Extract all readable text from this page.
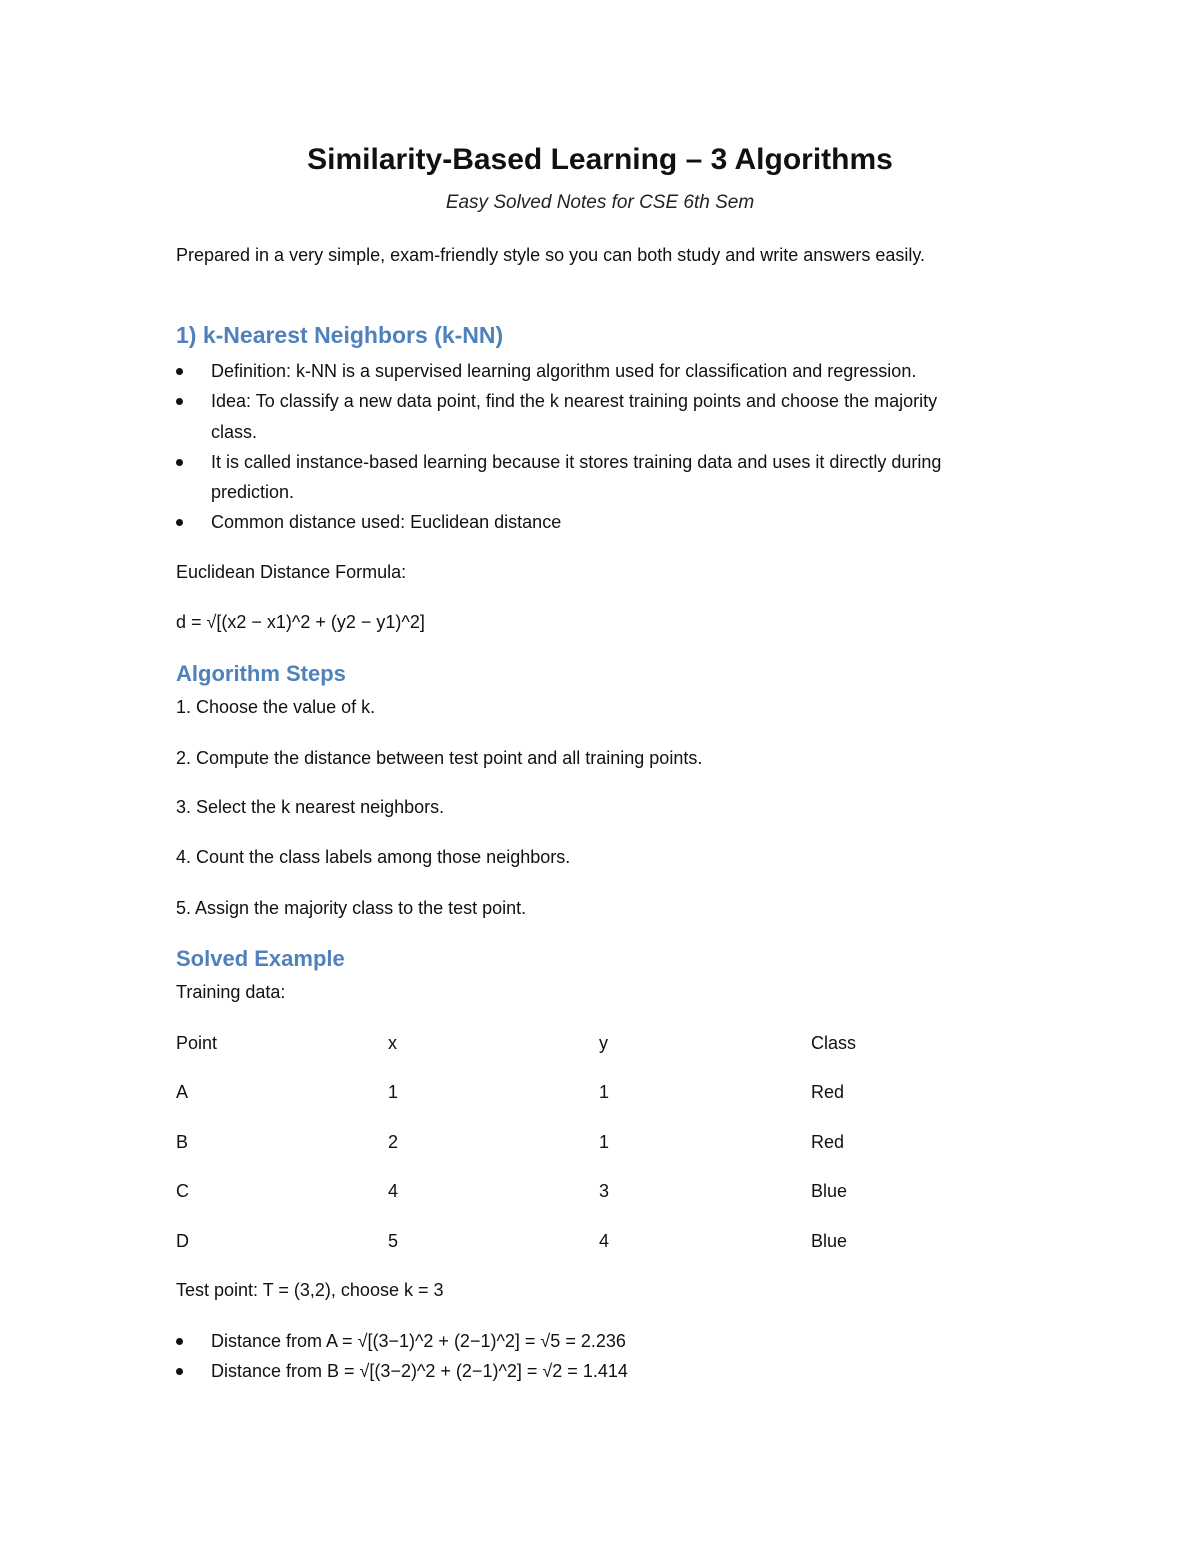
Similarity-Based Learning – 3 Algorithms
Easy Solved Notes for CSE 6th Sem
Prepared in a very simple, exam-friendly style so you can both study and write answers easily.
1) k-Nearest Neighbors (k-NN)
Definition: k-NN is a supervised learning algorithm used for classification and regression.
Idea: To classify a new data point, find the k nearest training points and choose the majority
class.
It is called instance-based learning because it stores training data and uses it directly during
prediction.
Common distance used: Euclidean distance
Euclidean Distance Formula:
d = √[(x2 − x1)^2 + (y2 − y1)^2]
Algorithm Steps
1. Choose the value of k.
2. Compute the distance between test point and all training points.
3. Select the k nearest neighbors.
4. Count the class labels among those neighbors.
5. Assign the majority class to the test point.
Solved Example
Training data:
Point	x	y	Class
A	1	1	Red
B	2	1	Red
C	4	3	Blue
D	5	4	Blue
Test point: T = (3,2), choose k = 3
Distance from A = √[(3−1)^2 + (2−1)^2] = √5 = 2.236
Distance from B = √[(3−2)^2 + (2−1)^2] = √2 = 1.414
